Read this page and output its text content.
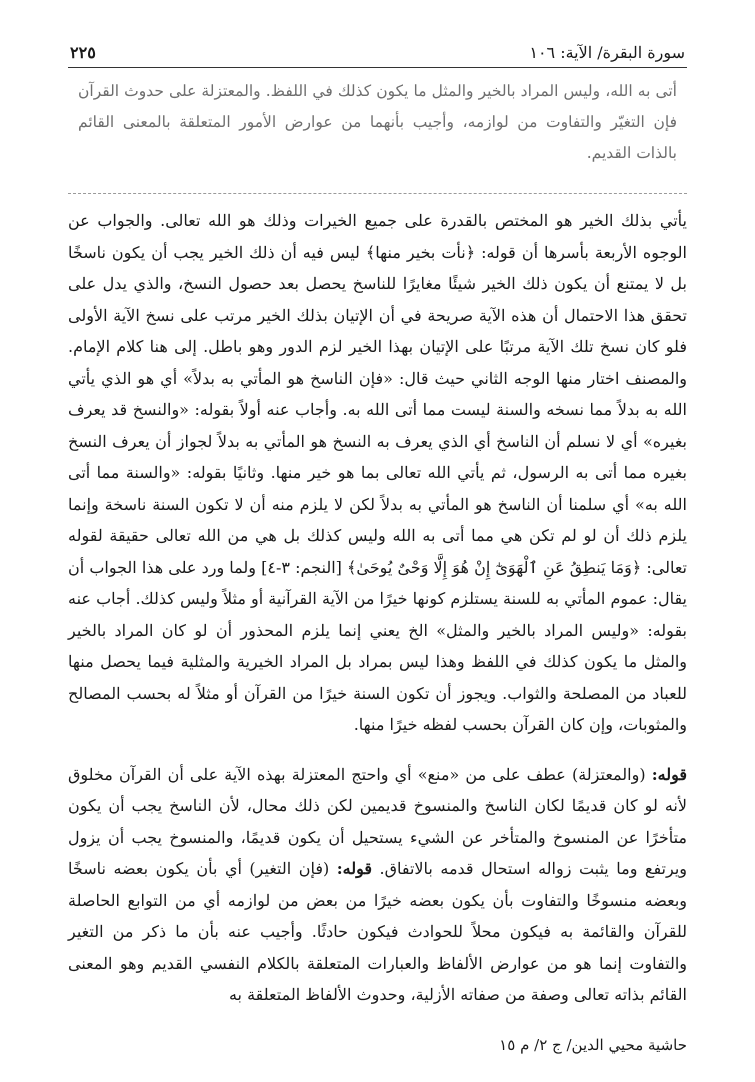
٢٢٥	سورة البقرة/ الآية: ١٠٦
أتى به الله، وليس المراد بالخير والمثل ما يكون كذلك في اللفظ. والمعتزلة على حدوث القرآن فإن التغيّر والتفاوت من لوازمه، وأجيب بأنهما من عوارض الأمور المتعلقة بالمعنى القائم بالذات القديم.

يأتي بذلك الخير هو المختص بالقدرة على جميع الخيرات وذلك هو الله تعالى. والجواب عن الوجوه الأربعة بأسرها أن قوله: ﴿نأت بخير منها﴾ ليس فيه أن ذلك الخير يجب أن يكون ناسخًا بل لا يمتنع أن يكون ذلك الخير شيئًا مغايرًا للناسخ يحصل بعد حصول النسخ، والذي يدل على تحقق هذا الاحتمال أن هذه الآية صريحة في أن الإتيان بذلك الخير مرتب على نسخ الآية الأولى فلو كان نسخ تلك الآية مرتبًا على الإتيان بهذا الخير لزم الدور وهو باطل. إلى هنا كلام الإمام. والمصنف اختار منها الوجه الثاني حيث قال: «فإن الناسخ هو المأتي به بدلاً» أي هو الذي يأتي الله به بدلاً مما نسخه والسنة ليست مما أتى الله به. وأجاب عنه أولاً بقوله: «والنسخ قد يعرف بغيره» أي لا نسلم أن الناسخ أي الذي يعرف به النسخ هو المأتي به بدلاً لجواز أن يعرف النسخ بغيره مما أتى به الرسول، ثم يأتي الله تعالى بما هو خير منها. وثانيًا بقوله: «والسنة مما أتى الله به» أي سلمنا أن الناسخ هو المأتي به بدلاً لكن لا يلزم منه أن لا تكون السنة ناسخة وإنما يلزم ذلك أن لو لم تكن هي مما أتى به الله وليس كذلك بل هي من الله تعالى حقيقة لقوله تعالى: ﴿وَمَا يَنطِقُ عَنِ ٱلْهَوَىٰٓ إِنْ هُوَ إِلَّا وَحْىٌ يُوحَىٰ﴾ [النجم: ٣-٤] ولما ورد على هذا الجواب أن يقال: عموم المأتي به للسنة يستلزم كونها خيرًا من الآية القرآنية أو مثلاً وليس كذلك. أجاب عنه بقوله: «وليس المراد بالخير والمثل» الخ يعني إنما يلزم المحذور أن لو كان المراد بالخير والمثل ما يكون كذلك في اللفظ وهذا ليس بمراد بل المراد الخيرية والمثلية فيما يحصل منها للعباد من المصلحة والثواب. ويجوز أن تكون السنة خيرًا من القرآن أو مثلاً له بحسب المصالح والمثوبات، وإن كان القرآن بحسب لفظه خيرًا منها.

قوله: (والمعتزلة) عطف على من «منع» أي واحتج المعتزلة بهذه الآية على أن القرآن مخلوق لأنه لو كان قديمًا لكان الناسخ والمنسوخ قديمين لكن ذلك محال، لأن الناسخ يجب أن يكون متأخرًا عن المنسوخ والمتأخر عن الشيء يستحيل أن يكون قديمًا، والمنسوخ يجب أن يزول ويرتفع وما يثبت زواله استحال قدمه بالاتفاق. قوله: (فإن التغير) أي بأن يكون بعضه ناسخًا وبعضه منسوخًا والتفاوت بأن يكون بعضه خيرًا من بعض من لوازمه أي من التوابع الحاصلة للقرآن والقائمة به فيكون محلاً للحوادث فيكون حادثًا. وأجيب عنه بأن ما ذكر من التغير والتفاوت إنما هو من عوارض الألفاظ والعبارات المتعلقة بالكلام النفسي القديم وهو المعنى القائم بذاته تعالى وصفة من صفاته الأزلية، وحدوث الألفاظ المتعلقة به

حاشية محيي الدين/ ج ٢/ م ١٥
